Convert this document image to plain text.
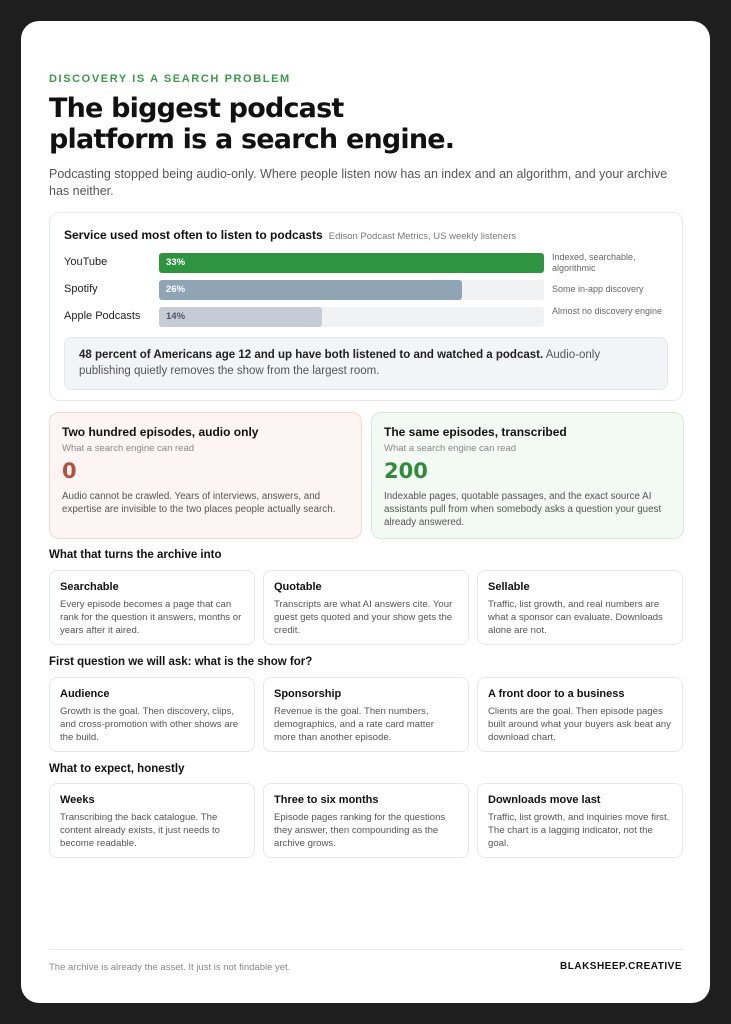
DISCOVERY IS A SEARCH PROBLEM
The biggest podcast
platform is a search engine.
Podcasting stopped being audio-only. Where people listen now has an index and an algorithm, and your archive has neither.
Service used most often to listen to podcasts Edison Podcast Metrics, US weekly listeners
YouTube	33%	Indexed, searchable, algorithmic
Spotify	26%	Some in-app discovery
Apple Podcasts	14%	Almost no discovery engine
48 percent of Americans age 12 and up have both listened to and watched a podcast. Audio-only publishing quietly removes the show from the largest room.
Two hundred episodes, audio only
What a search engine can read
0
Audio cannot be crawled. Years of interviews, answers, and expertise are invisible to the two places people actually search.
The same episodes, transcribed
What a search engine can read
200
Indexable pages, quotable passages, and the exact source AI assistants pull from when somebody asks a question your guest already answered.
What that turns the archive into
Searchable
Every episode becomes a page that can rank for the question it answers, months or years after it aired.
Quotable
Transcripts are what AI answers cite. Your guest gets quoted and your show gets the credit.
Sellable
Traffic, list growth, and real numbers are what a sponsor can evaluate. Downloads alone are not.
First question we will ask: what is the show for?
Audience
Growth is the goal. Then discovery, clips, and cross-promotion with other shows are the build.
Sponsorship
Revenue is the goal. Then numbers, demographics, and a rate card matter more than another episode.
A front door to a business
Clients are the goal. Then episode pages built around what your buyers ask beat any download chart.
What to expect, honestly
Weeks
Transcribing the back catalogue. The content already exists, it just needs to become readable.
Three to six months
Episode pages ranking for the questions they answer, then compounding as the archive grows.
Downloads move last
Traffic, list growth, and inquiries move first. The chart is a lagging indicator, not the goal.
The archive is already the asset. It just is not findable yet.	BLAKSHEEP.CREATIVE
